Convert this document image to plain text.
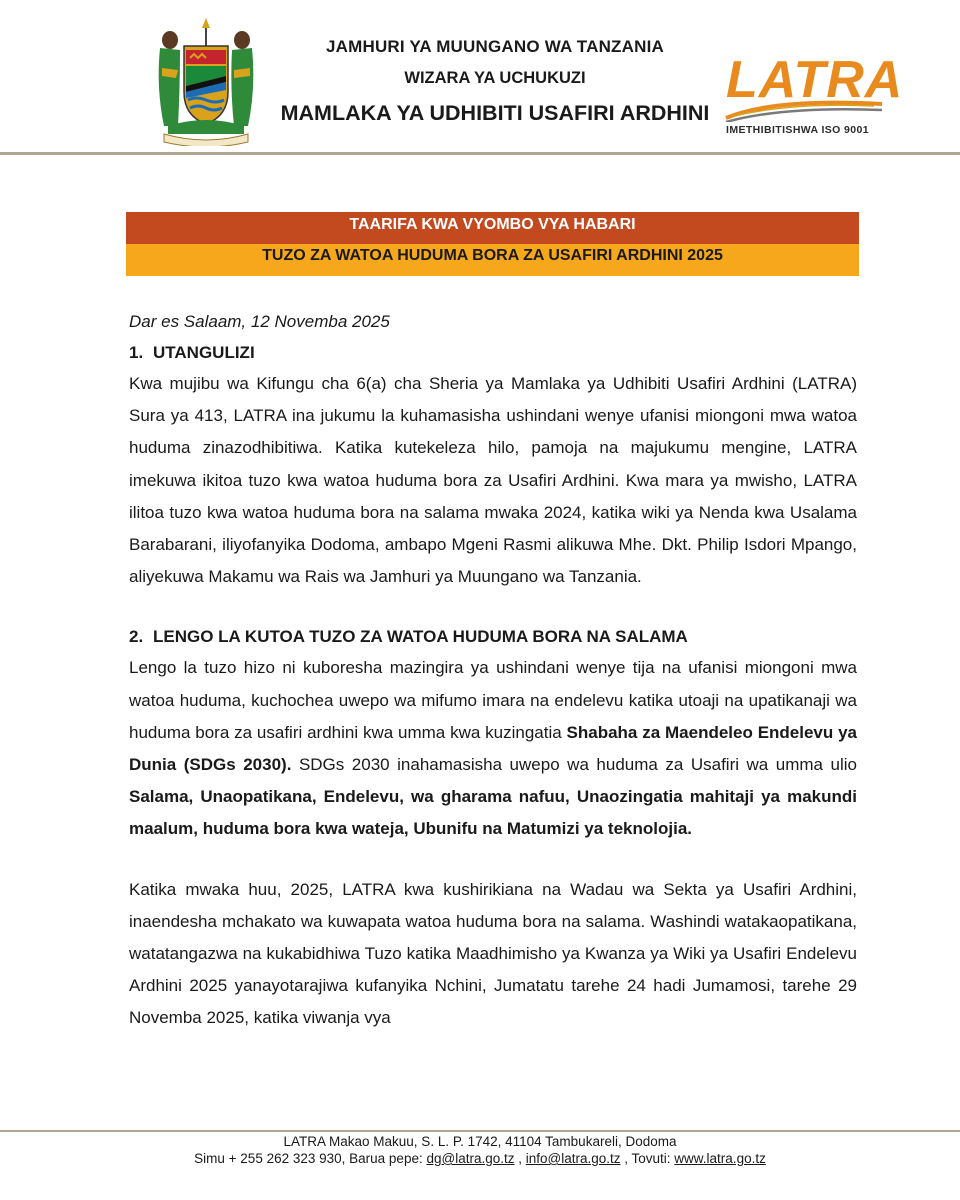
JAMHURI YA MUUNGANO WA TANZANIA
WIZARA YA UCHUKUZI
MAMLAKA YA UDHIBITI USAFIRI ARDHINI
LATRA
IMETHIBITISHWA ISO 9001
TAARIFA KWA VYOMBO VYA HABARI
TUZO ZA WATOA HUDUMA BORA ZA USAFIRI ARDHINI 2025
Dar es Salaam, 12 Novemba 2025
1. UTANGULIZI
Kwa mujibu wa Kifungu cha 6(a) cha Sheria ya Mamlaka ya Udhibiti Usafiri Ardhini (LATRA) Sura ya 413, LATRA ina jukumu la kuhamasisha ushindani wenye ufanisi miongoni mwa watoa huduma zinazodhibitiwa. Katika kutekeleza hilo, pamoja na majukumu mengine, LATRA imekuwa ikitoa tuzo kwa watoa huduma bora za Usafiri Ardhini. Kwa mara ya mwisho, LATRA ilitoa tuzo kwa watoa huduma bora na salama mwaka 2024, katika wiki ya Nenda kwa Usalama Barabarani, iliyofanyika Dodoma, ambapo Mgeni Rasmi alikuwa Mhe. Dkt. Philip Isdori Mpango, aliyekuwa Makamu wa Rais wa Jamhuri ya Muungano wa Tanzania.
2. LENGO LA KUTOA TUZO ZA WATOA HUDUMA BORA NA SALAMA
Lengo la tuzo hizo ni kuboresha mazingira ya ushindani wenye tija na ufanisi miongoni mwa watoa huduma, kuchochea uwepo wa mifumo imara na endelevu katika utoaji na upatikanaji wa huduma bora za usafiri ardhini kwa umma kwa kuzingatia Shabaha za Maendeleo Endelevu ya Dunia (SDGs 2030). SDGs 2030 inahamasisha uwepo wa huduma za Usafiri wa umma ulio Salama, Unaopatikana, Endelevu, wa gharama nafuu, Unaozingatia mahitaji ya makundi maalum, huduma bora kwa wateja, Ubunifu na Matumizi ya teknolojia.
Katika mwaka huu, 2025, LATRA kwa kushirikiana na Wadau wa Sekta ya Usafiri Ardhini, inaendesha mchakato wa kuwapata watoa huduma bora na salama. Washindi watakaopatikana, watatangazwa na kukabidhiwa Tuzo katika Maadhimisho ya Kwanza ya Wiki ya Usafiri Endelevu Ardhini 2025 yanayotarajiwa kufanyika Nchini, Jumatatu tarehe 24 hadi Jumamosi, tarehe 29 Novemba 2025, katika viwanja vya
LATRA Makao Makuu, S. L. P. 1742, 41104 Tambukareli, Dodoma
Simu + 255 262 323 930, Barua pepe: dg@latra.go.tz , info@latra.go.tz , Tovuti: www.latra.go.tz
